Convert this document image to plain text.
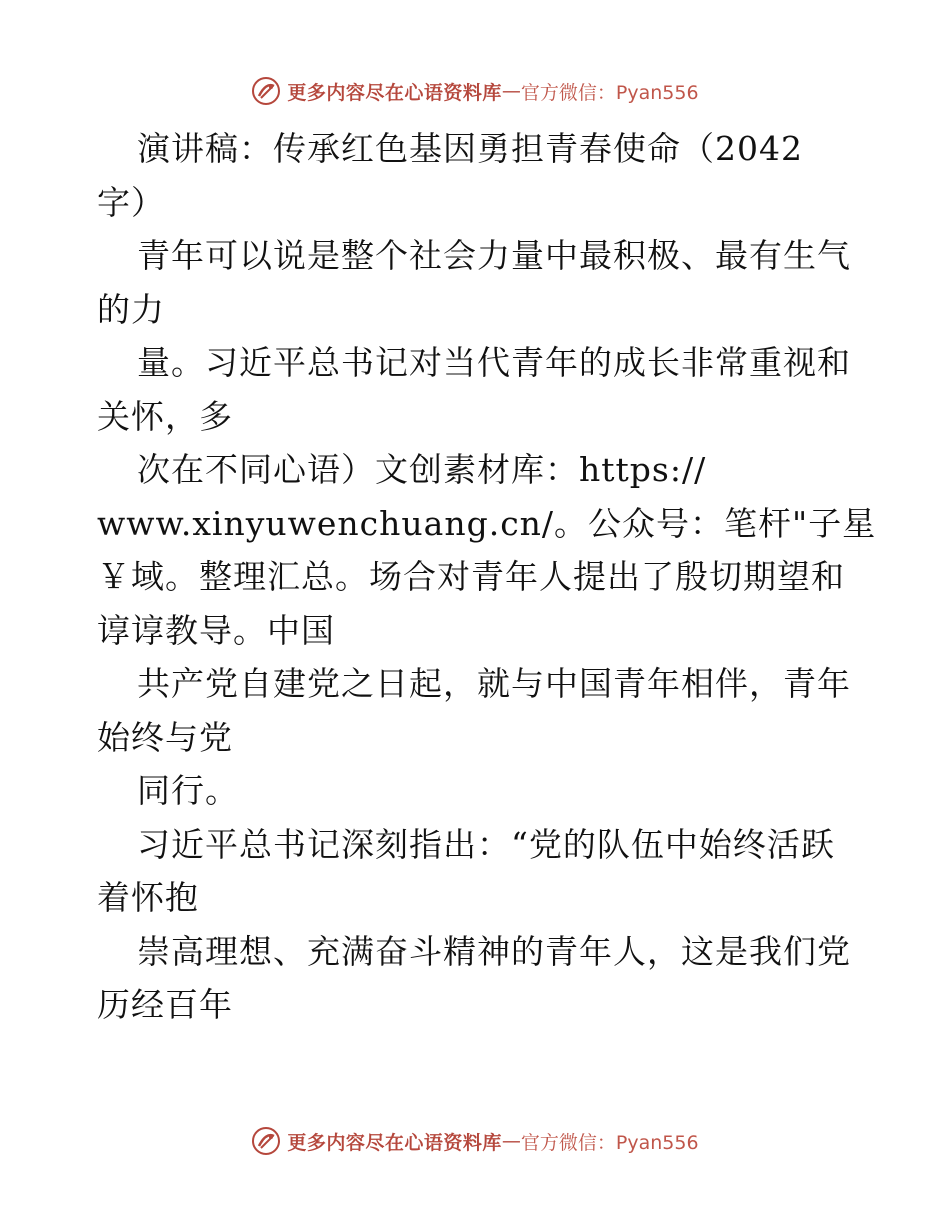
更多内容尽在心语资料库 — 官方微信：Pyan556
演讲稿：传承红色基因勇担青春使命（2042
字）
青年可以说是整个社会力量中最积极、最有生气
的力
量。习近平总书记对当代青年的成长非常重视和
关怀，多
次在不同心语）文创素材库：https://
www.xinyuwenchuang.cn/。公众号：笔杆"子星
￥域。整理汇总。场合对青年人提出了殷切期望和
谆谆教导。中国
共产党自建党之日起，就与中国青年相伴，青年
始终与党
同行。
习近平总书记深刻指出：“党的队伍中始终活跃
着怀抱
崇高理想、充满奋斗精神的青年人，这是我们党
历经百年
更多内容尽在心语资料库 — 官方微信：Pyan556
